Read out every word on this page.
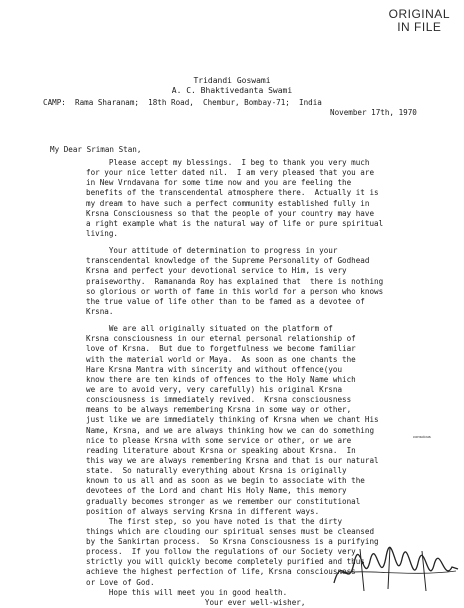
ORIGINAL
IN FILE
Tridandi Goswami
A. C. Bhaktivedanta Swami
CAMP:  Rama Sharanam;  18th Road,  Chembur, Bombay-71;  India
November 17th, 1970
My Dear Sriman Stan,
Please accept my blessings.  I beg to thank you very much
for your nice letter dated nil.  I am very pleased that you are
in New Vrndavana for some time now and you are feeling the
benefits of the transcendental atmosphere there.  Actually it is
my dream to have such a perfect community established fully in
Krsna Consciousness so that the people of your country may have
a right example what is the natural way of life or pure spiritual
living.
Your attitude of determination to progress in your
transcendental knowledge of the Supreme Personality of Godhead
Krsna and perfect your devotional service to Him, is very
praiseworthy.  Ramananda Roy has explained that  there is nothing
so glorious or worth of fame in this world for a person who knows
the true value of life other than to be famed as a devotee of
Krsna.
We are all originally situated on the platform of
Krsna consciousness in our eternal personal relationship of
love of Krsna.  But due to forgetfulness we become familiar
with the material world or Maya.  As soon as one chants the
Hare Krsna Mantra with sincerity and without offence(you
know there are ten kinds of offences to the Holy Name which
we are to avoid very, very carefully) his original Krsna
consciousness is immediately revived.  Krsna consciousness
means to be always remembering Krsna in some way or other,
just like we are immediately thinking of Krsna when we chant His
Name, Krsna, and we are always thinking how we can do something
nice to please Krsna with some service or other, or we are
reading literature about Krsna or speaking about Krsna.  In
this way we are always remembering Krsna and that is our natural
state.  So naturally everything about Krsna is originally
known to us all and as soon as we begin to associate with the
devotees of the Lord and chant His Holy Name, this memory
gradually becomes stronger as we remember our constitutional
position of always serving Krsna in different ways.
The first step, so you have noted is that the dirty
things which are clouding our spiritual senses must be cleansed
by the Sankirtan process.  So Krsna Consciousness is a purifying
process.  If you follow the regulations of our Society very
strictly you will quickly become completely purified and thus
achieve the highest perfection of life, Krsna consciousness
or Love of God.
Hope this will meet you in good health.
Your ever well-wisher,
conscious
